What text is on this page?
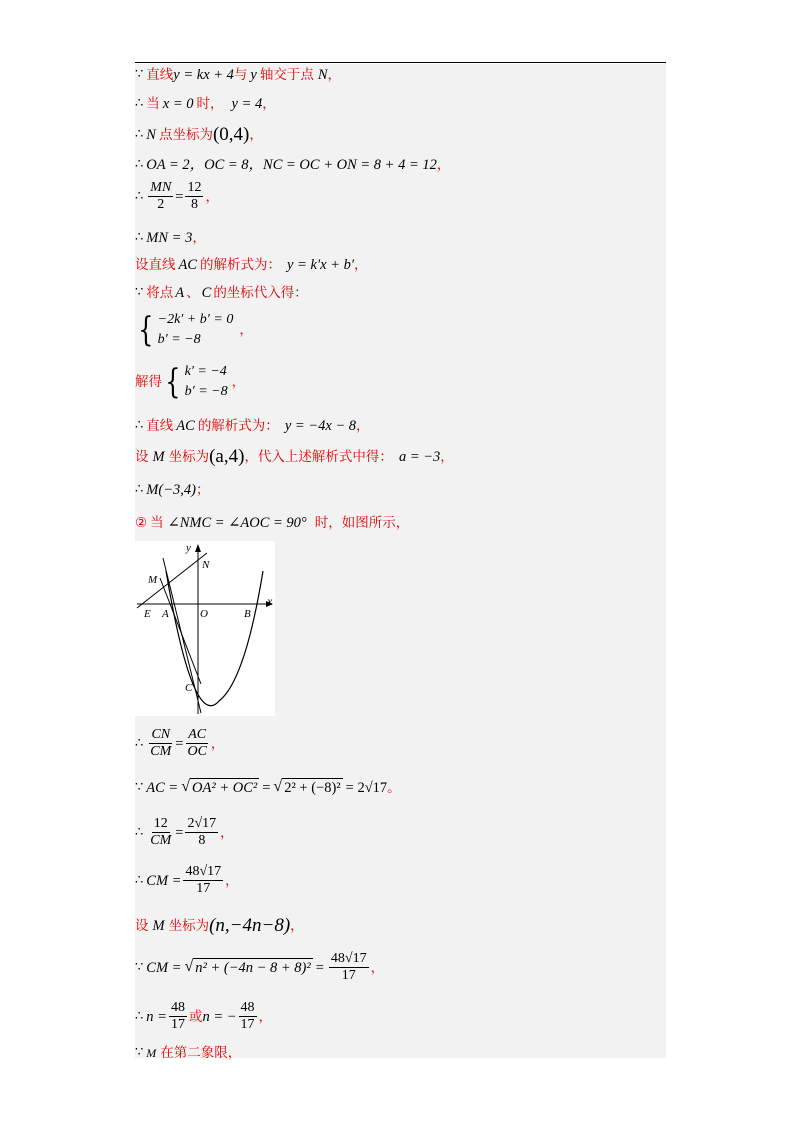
∵ 直线 y = kx + 4 与 y 轴交于点 N ，
∴ 当 x = 0 时， y = 4 ，
∴ N 点坐标为 (0,4) ，
∴ OA = 2，OC = 8，NC = OC + ON = 8 + 4 = 12 ，
∴ $\frac{MN}{2} = \frac{12}{8}$ ，
∴ MN = 3 ，
设直线 AC 的解析式为： y = k′x + b′ ，
∵ 将点 A 、 C 的坐标代入得：
{ −2k′ + b′ = 0
b′ = −8
，
解得 { k′ = −4
b′ = −8
，
∴ 直线 AC 的解析式为： y = −4x − 8 ，
设 M 坐标为 (a,4) ，代入上述解析式中得： a = −3 ，
∴ M(−3,4) ；
② 当 ∠NMC = ∠AOC = 90° 时，如图所示，
y
x
N
M
E A	O	B
C
∴ $\frac{CN}{CM} = \frac{AC}{OC}$ ，
∵ AC = √ OA² + OC² = √ 2² + (−8)² = 2√17 。
∴ $\frac{12}{CM} = \frac{2√17}{8}$ ，
∴ CM = $\frac{48√17}{17}$ ，
设 M 坐标为 (n,−4n−8) ，
∵ CM = √ $n^2 + (-4n - 8 + 8)^2 = \frac{48√17}{17}$ ，
∴ $n = \frac{48}{17}$ 或 n = − $\frac{48}{17}$ ，
∵ M 在第二象限，
